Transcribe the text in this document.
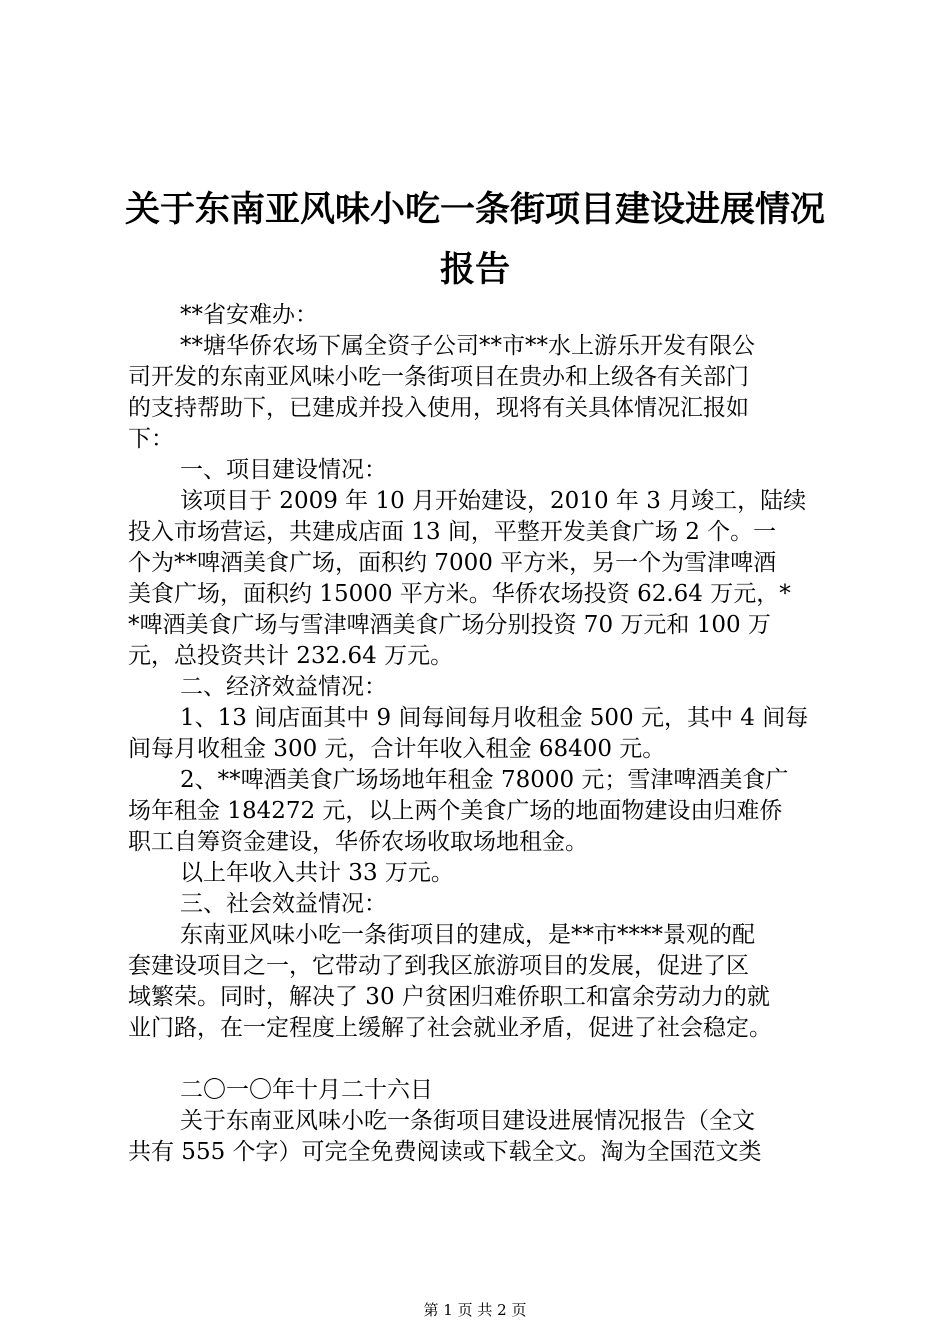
关于东南亚风味小吃一条街项目建设进展情况
报告
**省安难办：
**塘华侨农场下属全资子公司**市**水上游乐开发有限公
司开发的东南亚风味小吃一条街项目在贵办和上级各有关部门
的支持帮助下，已建成并投入使用，现将有关具体情况汇报如
下：
一、项目建设情况：
该项目于 2009 年 10 月开始建设，2010 年 3 月竣工，陆续
投入市场营运，共建成店面 13 间，平整开发美食广场 2 个。一
个为**啤酒美食广场，面积约 7000 平方米，另一个为雪津啤酒
美食广场，面积约 15000 平方米。华侨农场投资 62.64 万元，*
*啤酒美食广场与雪津啤酒美食广场分别投资 70 万元和 100 万
元，总投资共计 232.64 万元。
二、经济效益情况：
1、13 间店面其中 9 间每间每月收租金 500 元，其中 4 间每
间每月收租金 300 元，合计年收入租金 68400 元。
2、**啤酒美食广场场地年租金 78000 元；雪津啤酒美食广
场年租金 184272 元，以上两个美食广场的地面物建设由归难侨
职工自筹资金建设，华侨农场收取场地租金。
以上年收入共计 33 万元。
三、社会效益情况：
东南亚风味小吃一条街项目的建成，是**市****景观的配
套建设项目之一，它带动了到我区旅游项目的发展，促进了区
域繁荣。同时，解决了 30 户贫困归难侨职工和富余劳动力的就
业门路，在一定程度上缓解了社会就业矛盾，促进了社会稳定。
二〇一〇年十月二十六日
关于东南亚风味小吃一条街项目建设进展情况报告（全文
共有 555 个字）可完全免费阅读或下载全文。淘为全国范文类
第 1 页 共 2 页
